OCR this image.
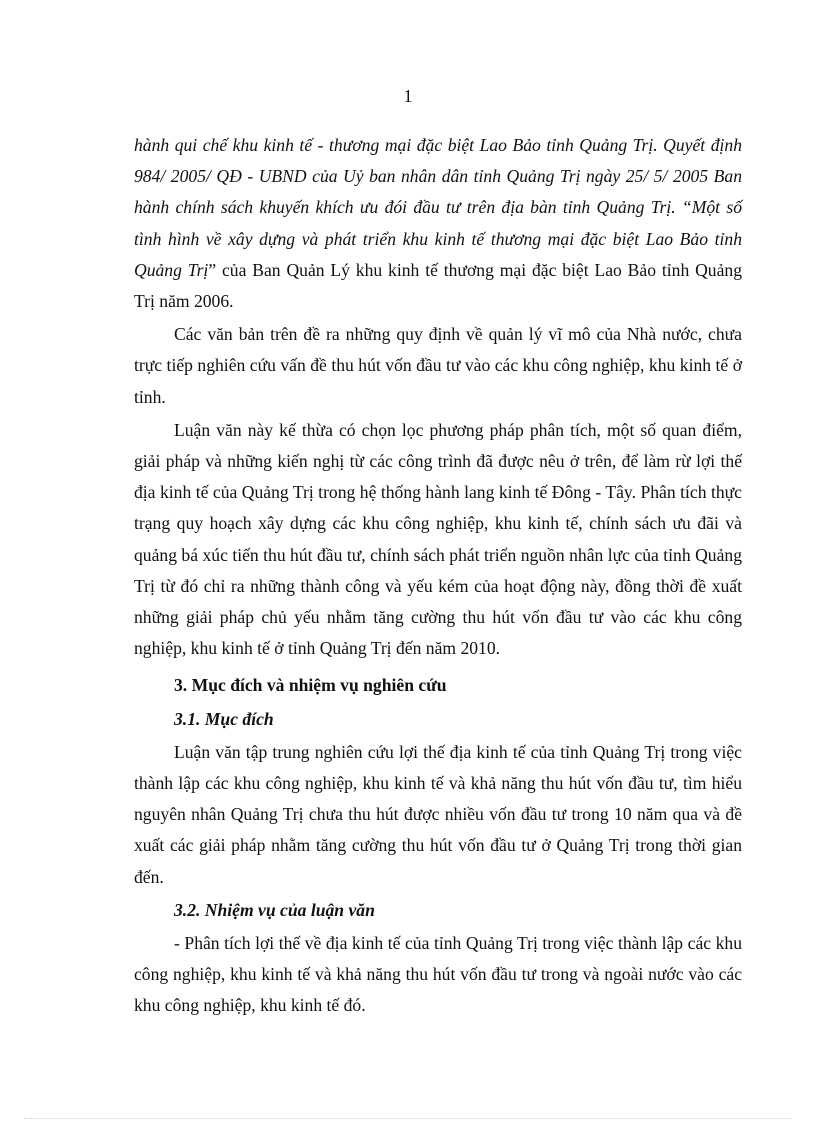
1

hành qui chế khu kinh tế - thương mại đặc biệt Lao Bảo tỉnh Quảng Trị. Quyết định 984/ 2005/ QĐ - UBND của Uỷ ban nhân dân tỉnh Quảng Trị ngày 25/ 5/ 2005 Ban hành chính sách khuyến khích ưu đói đầu tư trên địa bàn tỉnh Quảng Trị. “Một số tình hình về xây dựng và phát triển khu kinh tế thương mại đặc biệt Lao Bảo tỉnh Quảng Trị” của Ban Quản Lý khu kinh tế thương mại đặc biệt Lao Bảo tỉnh Quảng Trị năm 2006.

Các văn bản trên đề ra những quy định về quản lý vĩ mô của Nhà nước, chưa trực tiếp nghiên cứu vấn đề thu hút vốn đầu tư vào các khu công nghiệp, khu kinh tế ở tỉnh.

Luận văn này kế thừa có chọn lọc phương pháp phân tích, một số quan điểm, giải pháp và những kiến nghị từ các công trình đã được nêu ở trên, để làm rừ lợi thế địa kinh tế của Quảng Trị trong hệ thống hành lang kinh tế Đông - Tây. Phân tích thực trạng quy hoạch xây dựng các khu công nghiệp, khu kinh tế, chính sách ưu đãi và quảng bá xúc tiến thu hút đầu tư, chính sách phát triển nguồn nhân lực của tỉnh Quảng Trị từ đó chỉ ra những thành công và yếu kém của hoạt động này, đồng thời đề xuất những giải pháp chủ yếu nhằm tăng cường thu hút vốn đầu tư vào các khu công nghiệp, khu kinh tế ở tỉnh Quảng Trị đến năm 2010.

3. Mục đích và nhiệm vụ nghiên cứu
3.1. Mục đích

Luận văn tập trung nghiên cứu lợi thế địa kinh tế của tỉnh Quảng Trị trong việc thành lập các khu công nghiệp, khu kinh tế và khả năng thu hút vốn đầu tư, tìm hiểu nguyên nhân Quảng Trị chưa thu hút được nhiều vốn đầu tư trong 10 năm qua và đề xuất các giải pháp nhằm tăng cường thu hút vốn đầu tư ở Quảng Trị trong thời gian đến.

3.2. Nhiệm vụ của luận văn

- Phân tích lợi thế về địa kinh tế của tỉnh Quảng Trị trong việc thành lập các khu công nghiệp, khu kinh tế và khả năng thu hút vốn đầu tư trong và ngoài nước vào các khu công nghiệp, khu kinh tế đó.
